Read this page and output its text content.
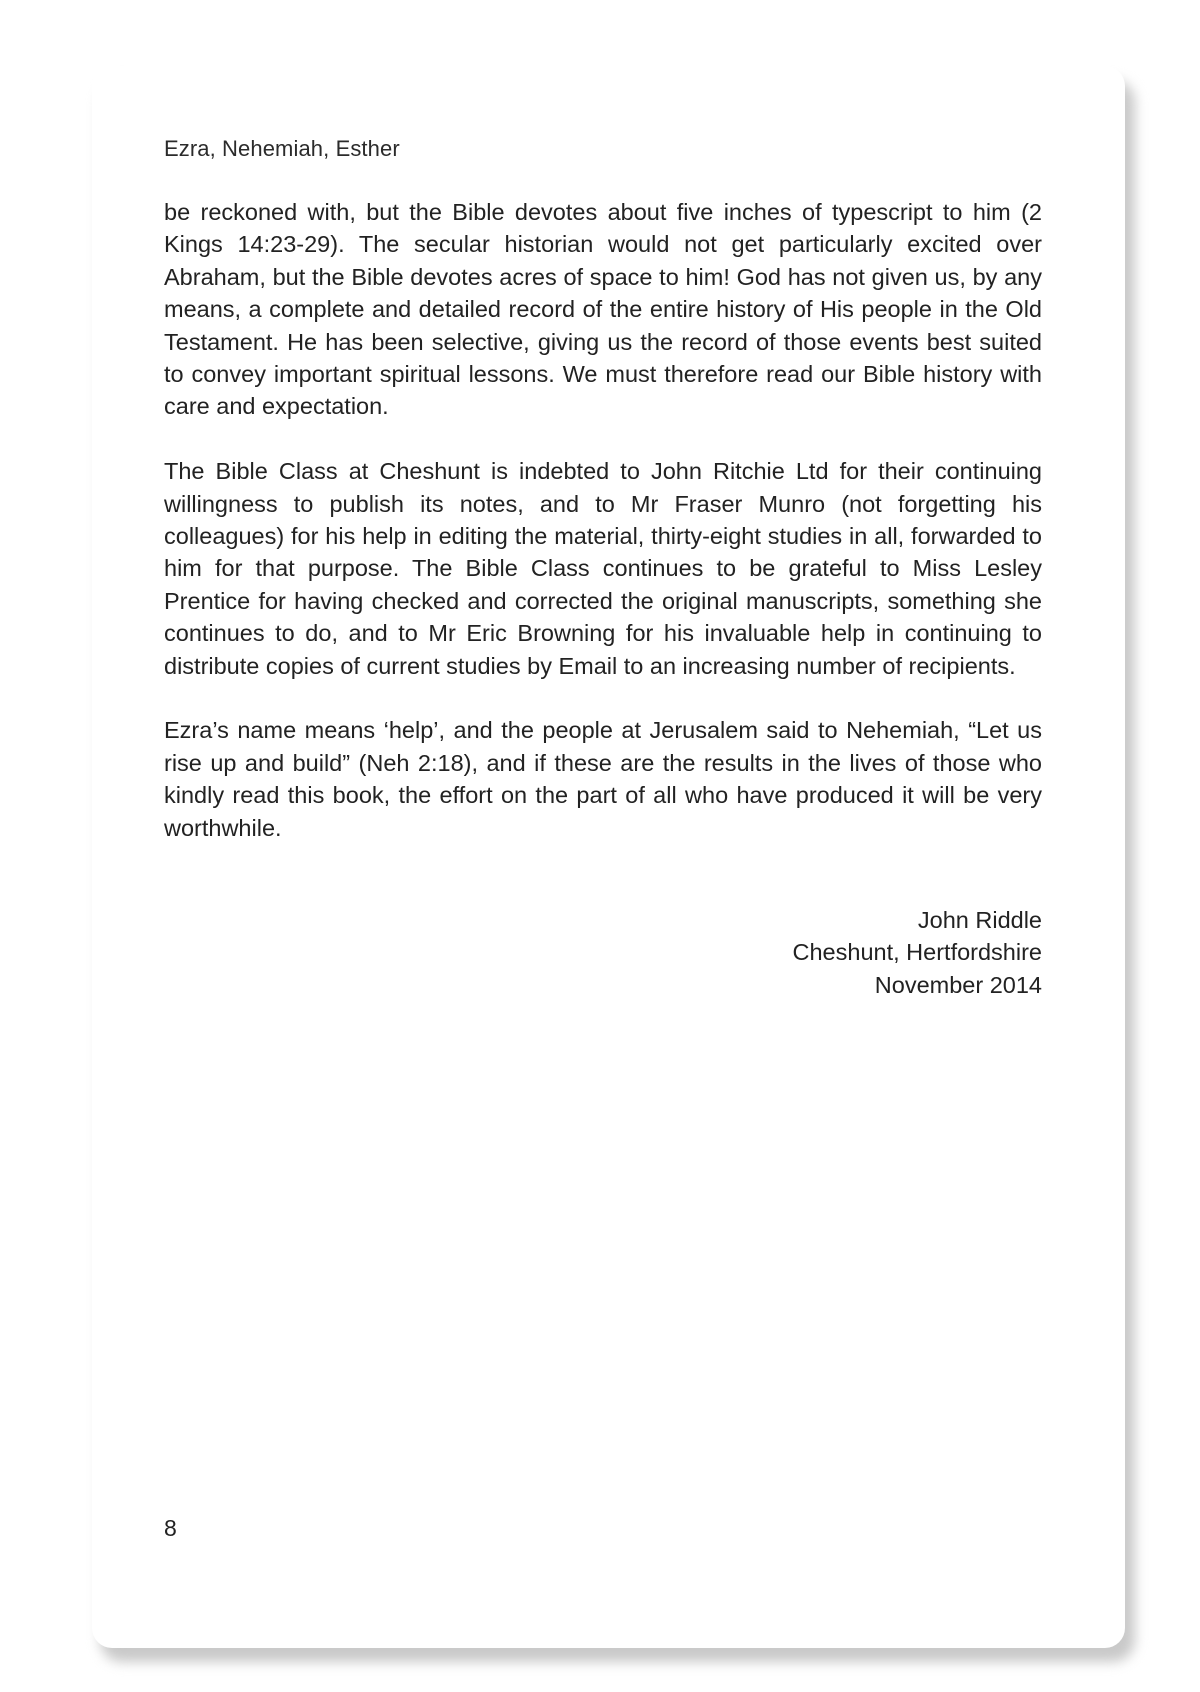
Ezra, Nehemiah, Esther

be reckoned with, but the Bible devotes about five inches of typescript to him (2 Kings 14:23-29). The secular historian would not get particularly excited over Abraham, but the Bible devotes acres of space to him! God has not given us, by any means, a complete and detailed record of the entire history of His people in the Old Testament. He has been selective, giving us the record of those events best suited to convey important spiritual lessons. We must therefore read our Bible history with care and expectation.

The Bible Class at Cheshunt is indebted to John Ritchie Ltd for their continuing willingness to publish its notes, and to Mr Fraser Munro (not forgetting his colleagues) for his help in editing the material, thirty-eight studies in all, forwarded to him for that purpose. The Bible Class continues to be grateful to Miss Lesley Prentice for having checked and corrected the original manuscripts, something she continues to do, and to Mr Eric Browning for his invaluable help in continuing to distribute copies of current studies by Email to an increasing number of recipients.

Ezra’s name means ‘help’, and the people at Jerusalem said to Nehemiah, “Let us rise up and build” (Neh 2:18), and if these are the results in the lives of those who kindly read this book, the effort on the part of all who have produced it will be very worthwhile.

John Riddle
Cheshunt, Hertfordshire
November 2014
8
